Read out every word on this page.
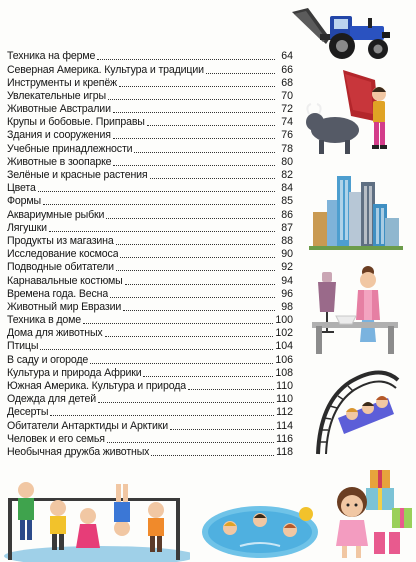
Техника на ферме	64
Северная Америка. Культура и традиции	66
Инструменты и крепёж	68
Увлекательные игры	70
Животные Австралии	72
Крупы и бобовые. Приправы	74
Здания и сооружения	76
Учебные принадлежности	78
Животные в зоопарке	80
Зелёные и красные растения	82
Цвета	84
Формы	85
Аквариумные рыбки	86
Лягушки	87
Продукты из магазина	88
Исследование космоса	90
Подводные обитатели	92
Карнавальные костюмы	94
Времена года. Весна	96
Животный мир Евразии	98
Техника в доме	100
Дома для животных	102
Птицы	104
В саду и огороде	106
Культура и природа Африки	108
Южная Америка. Культура и природа	110
Одежда для детей	110
Десерты	112
Обитатели Антарктиды и Арктики	114
Человек и его семья	116
Необычная дружба животных	118
